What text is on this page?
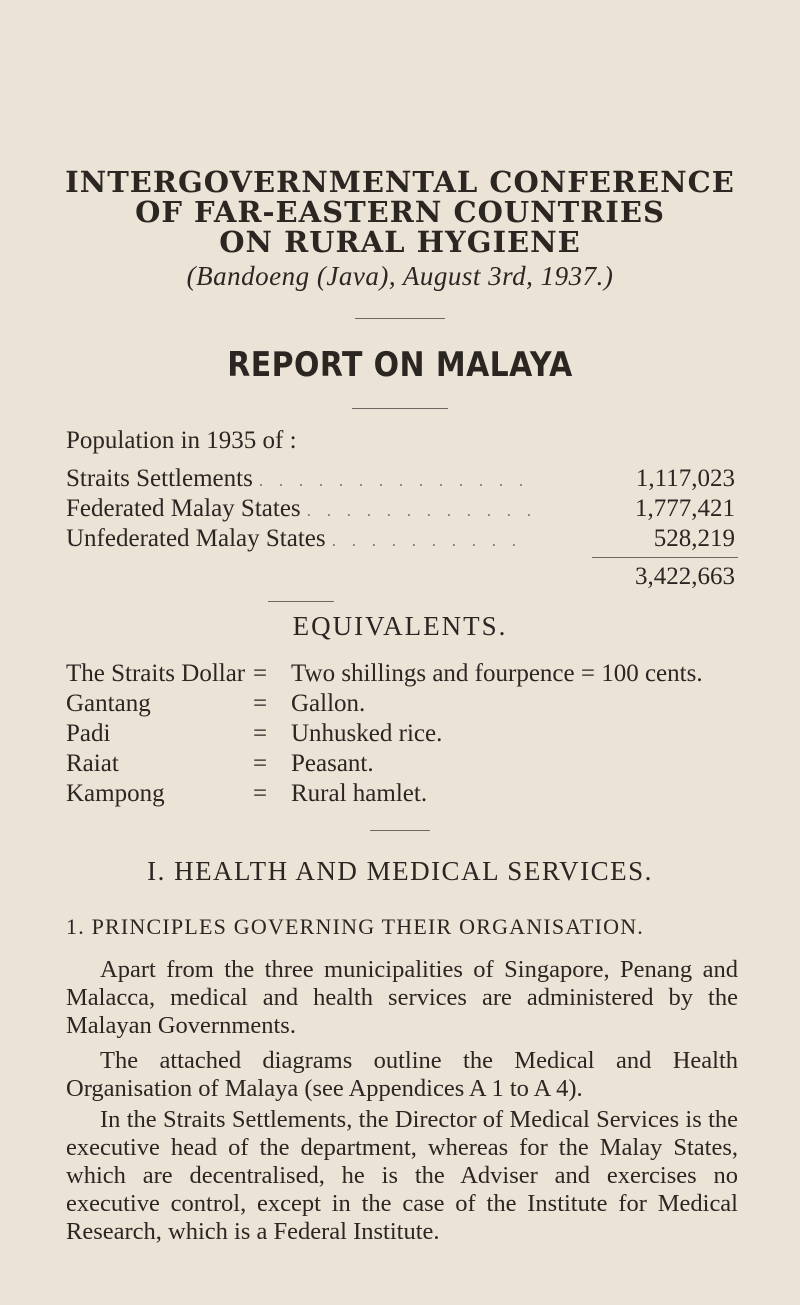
INTERGOVERNMENTAL CONFERENCE
OF FAR-EASTERN COUNTRIES
ON RURAL HYGIENE
(Bandoeng (Java), August 3rd, 1937.)
REPORT ON MALAYA
Population in 1935 of :
Straits Settlements . . . . . . . . . . . . . .	1,117,023
Federated Malay States . . . . . . . . . . . .	1,777,421
Unfederated Malay States . . . . . . . . . .	528,219
3,422,663
EQUIVALENTS.
The Straits Dollar = Two shillings and fourpence = 100 cents.
Gantang	= Gallon.
Padi	= Unhusked rice.
Raiat	= Peasant.
Kampong	= Rural hamlet.
I. HEALTH AND MEDICAL SERVICES.
1. PRINCIPLES GOVERNING THEIR ORGANISATION.

Apart from the three municipalities of Singapore, Penang and Malacca, medical and health services are administered by the Malayan Governments.

The attached diagrams outline the Medical and Health Organisation of Malaya (see Appendices A 1 to A 4).

In the Straits Settlements, the Director of Medical Services is the executive head of the department, whereas for the Malay States, which are decentralised, he is the Adviser and exercises no executive control, except in the case of the Institute for Medical Research, which is a Federal Institute.
